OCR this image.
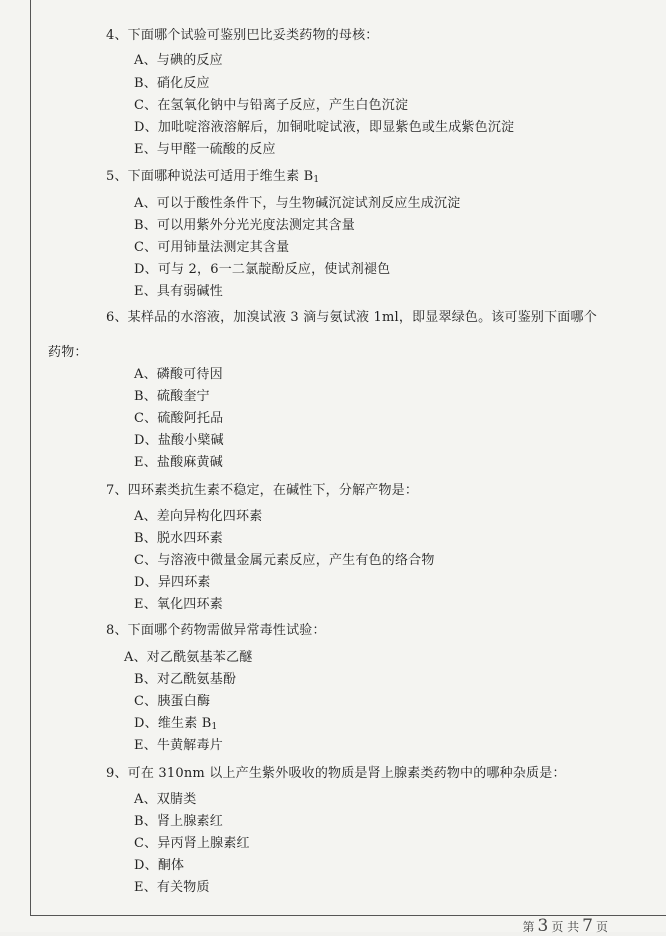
4、下面哪个试验可鉴别巴比妥类药物的母核：
A、与碘的反应
B、硝化反应
C、在氢氧化钠中与铅离子反应，产生白色沉淀
D、加吡啶溶液溶解后，加铜吡啶试液，即显紫色或生成紫色沉淀
E、与甲醛一硫酸的反应
5、下面哪种说法可适用于维生素 $B_1$
A、可以于酸性条件下，与生物碱沉淀试剂反应生成沉淀
B、可以用紫外分光光度法测定其含量
C、可用铈量法测定其含量
D、可与 2，6一二氯靛酚反应，使试剂褪色
E、具有弱碱性
6、某样品的水溶液，加溴试液 3 滴与氨试液 1ml，即显翠绿色。该可鉴别下面哪个
药物：
A、磷酸可待因
B、硫酸奎宁
C、硫酸阿托品
D、盐酸小檗碱
E、盐酸麻黄碱
7、四环素类抗生素不稳定，在碱性下，分解产物是：
A、差向异构化四环素
B、脱水四环素
C、与溶液中微量金属元素反应，产生有色的络合物
D、异四环素
E、氧化四环素
8、下面哪个药物需做异常毒性试验：
A、对乙酰氨基苯乙醚
B、对乙酰氨基酚
C、胰蛋白酶
D、维生素 $B_1$
E、牛黄解毒片
9、可在 310nm 以上产生紫外吸收的物质是肾上腺素类药物中的哪种杂质是：
A、双腈类
B、肾上腺素红
C、异丙肾上腺素红
D、酮体
E、有关物质
第 3 页 共 7 页
